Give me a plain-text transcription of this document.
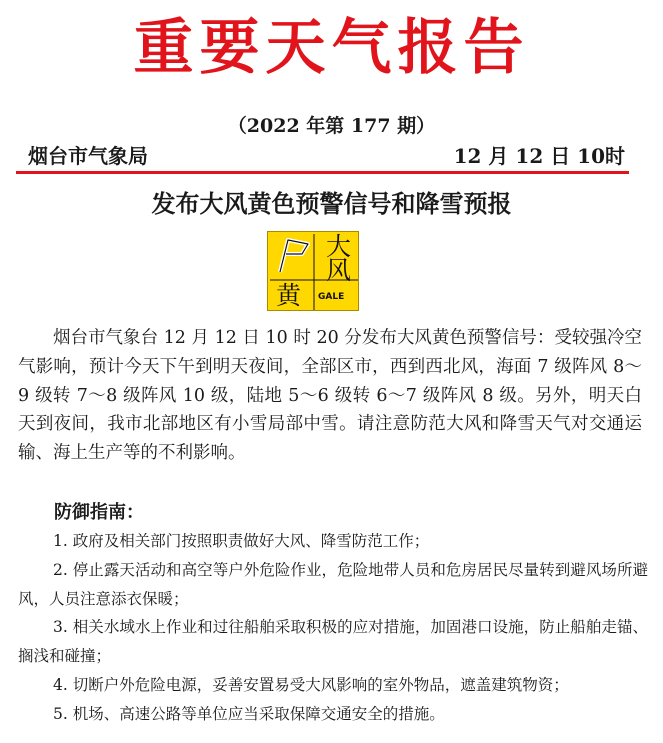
重要天气报告
（2022 年第 177 期）
烟台市气象局	12 月 12 日 10时
发布大风黄色预警信号和降雪预报
大
风
黄 GALE
烟台市气象台 12 月 12 日 10 时 20 分发布大风黄色预警信号：受较强冷空气影响，预计今天下午到明天夜间，全部区市，西到西北风，海面 7 级阵风 8～9 级转 7～8 级阵风 10 级，陆地 5～6 级转 6～7 级阵风 8 级。另外，明天白天到夜间，我市北部地区有小雪局部中雪。请注意防范大风和降雪天气对交通运输、海上生产等的不利影响。
防御指南：

1. 政府及相关部门按照职责做好大风、降雪防范工作；

2. 停止露天活动和高空等户外危险作业，危险地带人员和危房居民尽量转到避风场所避风，人员注意添衣保暖；

3. 相关水域水上作业和过往船舶采取积极的应对措施，加固港口设施，防止船舶走锚、搁浅和碰撞；

4. 切断户外危险电源，妥善安置易受大风影响的室外物品，遮盖建筑物资；

5. 机场、高速公路等单位应当采取保障交通安全的措施。
